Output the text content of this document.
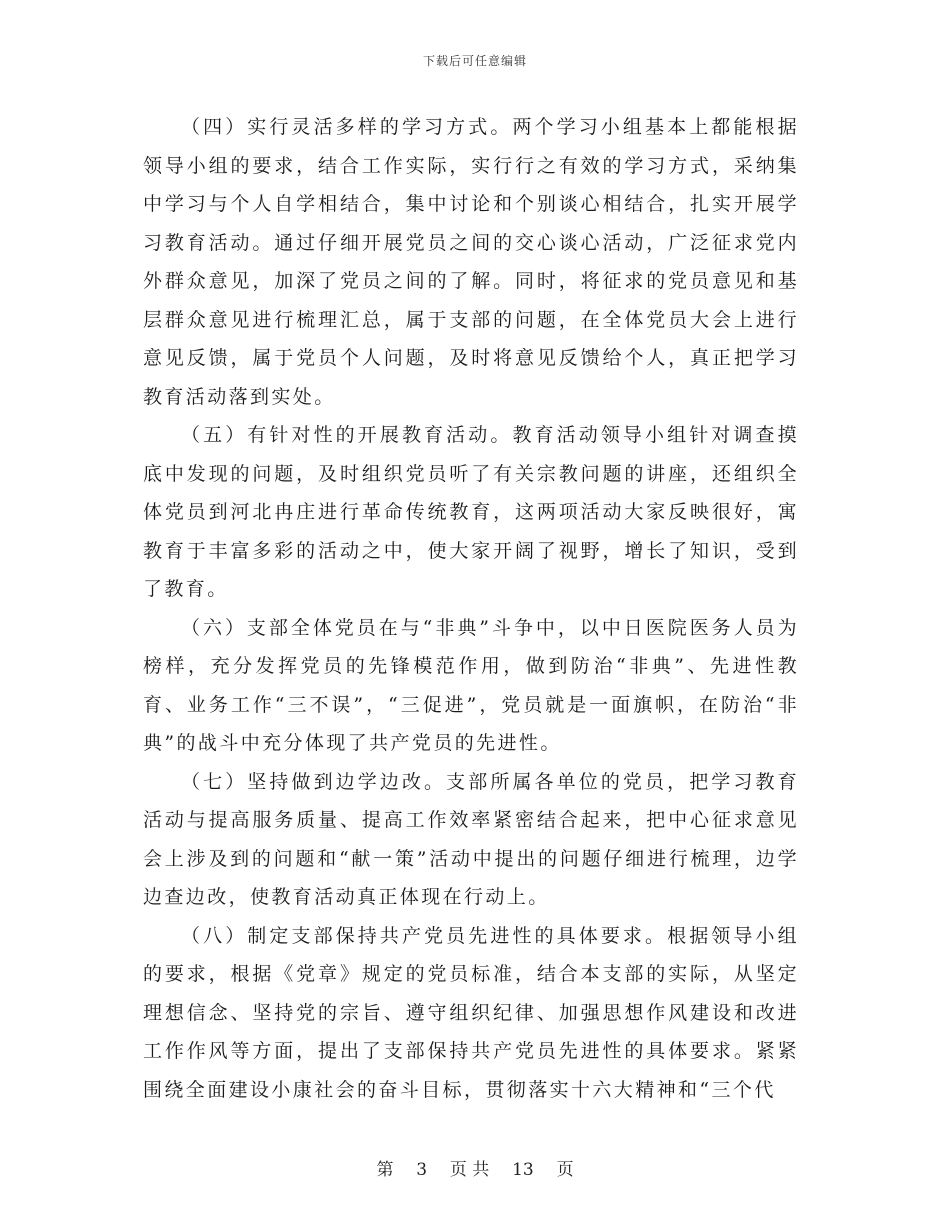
下载后可任意编辑

（四）实行灵活多样的学习方式。两个学习小组基本上都能根据领导小组的要求，结合工作实际，实行行之有效的学习方式，采纳集中学习与个人自学相结合，集中讨论和个别谈心相结合，扎实开展学习教育活动。通过仔细开展党员之间的交心谈心活动，广泛征求党内外群众意见，加深了党员之间的了解。同时，将征求的党员意见和基层群众意见进行梳理汇总，属于支部的问题，在全体党员大会上进行意见反馈，属于党员个人问题，及时将意见反馈给个人，真正把学习教育活动落到实处。

（五）有针对性的开展教育活动。教育活动领导小组针对调查摸底中发现的问题，及时组织党员听了有关宗教问题的讲座，还组织全体党员到河北冉庄进行革命传统教育，这两项活动大家反映很好，寓教育于丰富多彩的活动之中，使大家开阔了视野，增长了知识，受到了教育。

（六）支部全体党员在与“非典”斗争中，以中日医院医务人员为榜样，充分发挥党员的先锋模范作用，做到防治“非典”、先进性教育、业务工作“三不误”，“三促进”，党员就是一面旗帜，在防治“非典”的战斗中充分体现了共产党员的先进性。

（七）坚持做到边学边改。支部所属各单位的党员，把学习教育活动与提高服务质量、提高工作效率紧密结合起来，把中心征求意见会上涉及到的问题和“献一策”活动中提出的问题仔细进行梳理，边学边查边改，使教育活动真正体现在行动上。

（八）制定支部保持共产党员先进性的具体要求。根据领导小组的要求，根据《党章》规定的党员标准，结合本支部的实际，从坚定理想信念、坚持党的宗旨、遵守组织纪律、加强思想作风建设和改进工作作风等方面，提出了支部保持共产党员先进性的具体要求。紧紧围绕全面建设小康社会的奋斗目标，贯彻落实十六大精神和“三个代

第 3 页 共 13 页
